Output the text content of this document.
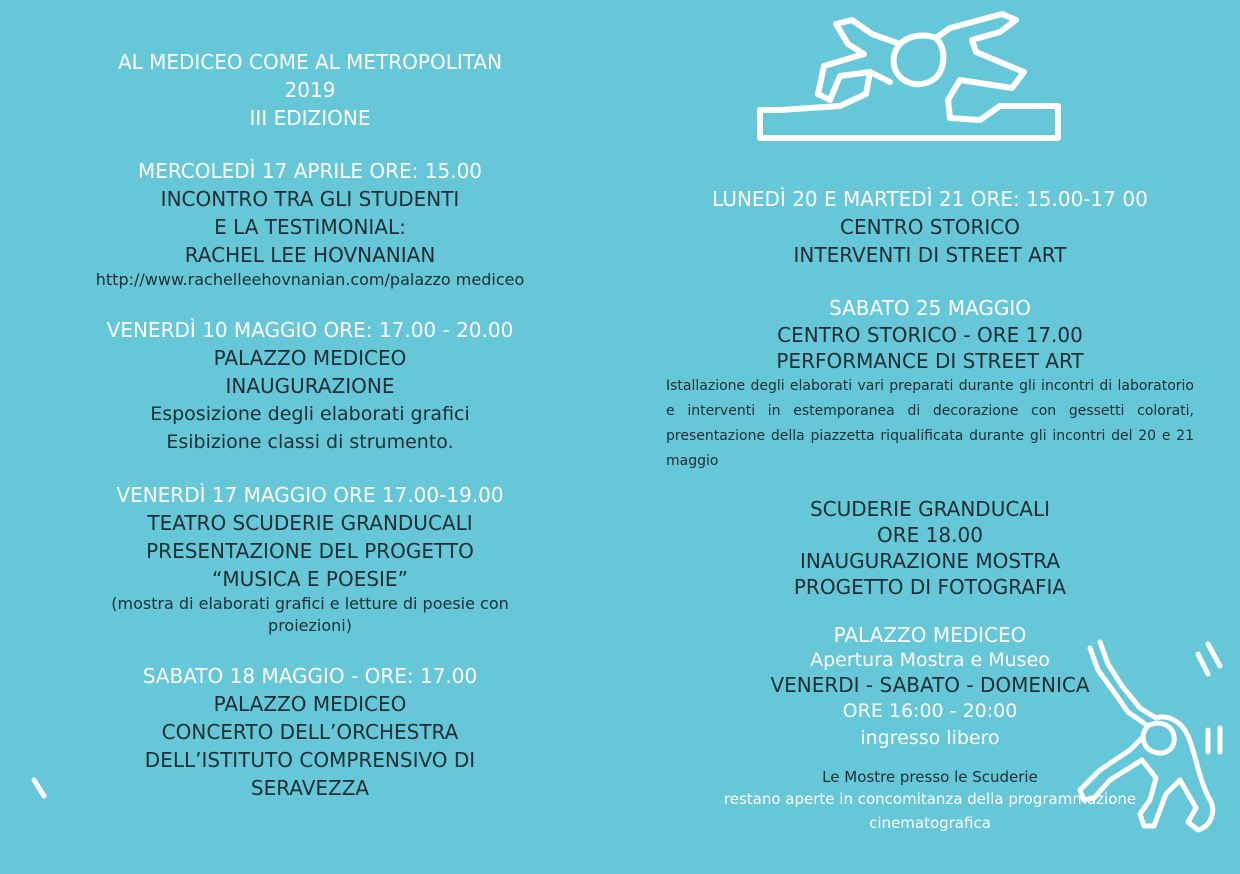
AL MEDICEO COME AL METROPOLITAN
2019
III EDIZIONE
MERCOLEDÌ 17 APRILE ORE: 15.00
INCONTRO TRA GLI STUDENTI
E LA TESTIMONIAL:
RACHEL LEE HOVNANIAN
http://www.rachelleehovnanian.com/palazzo mediceo
VENERDÌ 10 MAGGIO ORE: 17.00 - 20.00
PALAZZO MEDICEO
INAUGURAZIONE
Esposizione degli elaborati grafici
Esibizione classi di strumento.
VENERDÌ 17 MAGGIO ORE 17.00-19.00
TEATRO SCUDERIE GRANDUCALI
PRESENTAZIONE DEL PROGETTO
“MUSICA E POESIE”
(mostra di elaborati grafici e letture di poesie con
proiezioni)
SABATO 18 MAGGIO - ORE: 17.00
PALAZZO MEDICEO
CONCERTO DELL’ORCHESTRA
DELL’ISTITUTO COMPRENSIVO DI
SERAVEZZA
LUNEDÌ 20 E MARTEDÌ 21 ORE: 15.00-17 00
CENTRO STORICO
INTERVENTI DI STREET ART
SABATO 25 MAGGIO
CENTRO STORICO - ORE 17.00
PERFORMANCE DI STREET ART
Istallazione degli elaborati vari preparati durante gli incontri di laboratorio e interventi in estemporanea di decorazione con gessetti colorati, presentazione della piazzetta riqualificata durante gli incontri del 20 e 21 maggio
SCUDERIE GRANDUCALI
ORE 18.00
INAUGURAZIONE MOSTRA
PROGETTO DI FOTOGRAFIA
PALAZZO MEDICEO
Apertura Mostra e Museo
VENERDI - SABATO - DOMENICA
ORE 16:00 - 20:00
ingresso libero
Le Mostre presso le Scuderie
restano aperte in concomitanza della programmazione
cinematografica
